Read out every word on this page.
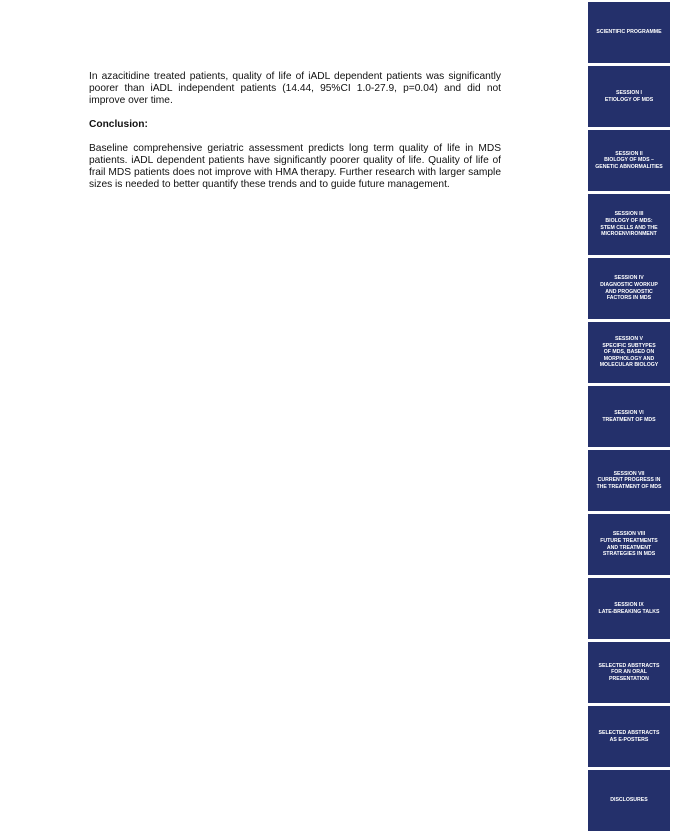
In azacitidine treated patients, quality of life of iADL dependent patients was significantly poorer than iADL independent patients (14.44, 95%CI 1.0-27.9, p=0.04) and did not improve over time.

Conclusion:

Baseline comprehensive geriatric assessment predicts long term quality of life in MDS patients. iADL dependent patients have significantly poorer quality of life. Quality of life of frail MDS patients does not improve with HMA therapy. Further research with larger sample sizes is needed to better quantify these trends and to guide future management.

SCIENTIFIC PROGRAMME
SESSION I
ETIOLOGY OF MDS
SESSION II
BIOLOGY OF MDS –
GENETIC ABNORMALITIES
SESSION III
BIOLOGY OF MDS:
STEM CELLS AND THE
MICROENVIRONMENT
SESSION IV
DIAGNOSTIC WORKUP
AND PROGNOSTIC
FACTORS IN MDS
SESSION V
SPECIFIC SUBTYPES
OF MDS, BASED ON
MORPHOLOGY AND
MOLECULAR BIOLOGY
SESSION VI
TREATMENT OF MDS
SESSION VII
CURRENT PROGRESS IN
THE TREATMENT OF MDS
SESSION VIII
FUTURE TREATMENTS
AND TREATMENT
STRATEGIES IN MDS
SESSION IX
LATE-BREAKING TALKS
SELECTED ABSTRACTS
FOR AN ORAL
PRESENTATION
SELECTED ABSTRACTS
AS E-POSTERS
DISCLOSURES
